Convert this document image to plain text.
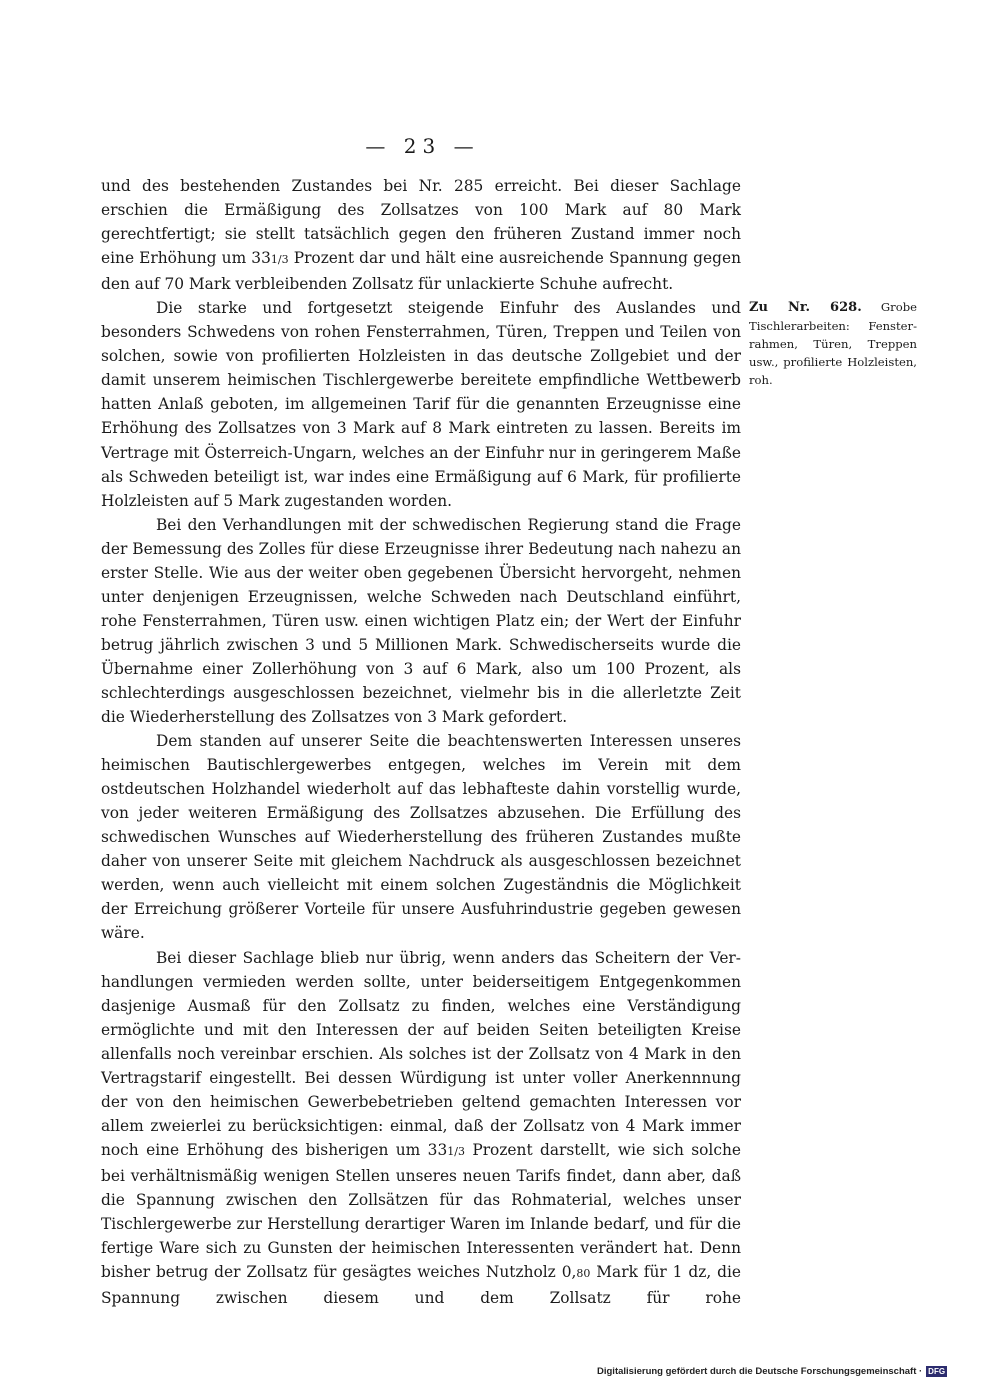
— 23 —

und des bestehenden Zustandes bei Nr. 285 erreicht. Bei dieser Sachlage erschien die Ermäßigung des Zollsatzes von 100 Mark auf 80 Mark gerechtfertigt; sie stellt tatsächlich gegen den früheren Zustand immer noch eine Erhöhung um 331/3 Prozent dar und hält eine ausreichende Spannung gegen den auf 70 Mark verbleibenden Zollsatz für unlackierte Schuhe aufrecht.

Die starke und fortgesetzt steigende Einfuhr des Auslandes und besonders Schwedens von rohen Fensterrahmen, Türen, Treppen und Teilen von solchen, sowie von profilierten Holzleisten in das deutsche Zollgebiet und der damit unserem heimischen Tischlergewerbe bereitete empfindliche Wettbewerb hatten Anlaß geboten, im allgemeinen Tarif für die genannten Erzeugnisse eine Erhöhung des Zollsatzes von 3 Mark auf 8 Mark eintreten zu lassen. Bereits im Vertrage mit Österreich-Ungarn, welches an der Einfuhr nur in geringerem Maße als Schweden beteiligt ist, war indes eine Ermäßigung auf 6 Mark, für profilierte Holzleisten auf 5 Mark zugestanden worden.

Bei den Verhandlungen mit der schwedischen Regierung stand die Frage der Bemessung des Zolles für diese Erzeugnisse ihrer Bedeutung nach nahezu an erster Stelle. Wie aus der weiter oben gegebenen Übersicht hervorgeht, nehmen unter denjenigen Erzeugnissen, welche Schweden nach Deutschland einführt, rohe Fensterrahmen, Türen usw. einen wichtigen Platz ein; der Wert der Einfuhr betrug jährlich zwischen 3 und 5 Millionen Mark. Schwedischerseits wurde die Übernahme einer Zollerhöhung von 3 auf 6 Mark, also um 100 Prozent, als schlechterdings ausgeschlossen bezeichnet, vielmehr bis in die allerletzte Zeit die Wiederherstellung des Zollsatzes von 3 Mark gefordert.

Dem standen auf unserer Seite die beachtenswerten Interessen unseres heimischen Bautischlergewerbes entgegen, welches im Verein mit dem ostdeutschen Holzhandel wiederholt auf das lebhafteste dahin vorstellig wurde, von jeder weiteren Ermäßigung des Zollsatzes abzusehen. Die Erfüllung des schwedischen Wunsches auf Wiederherstellung des früheren Zustandes mußte daher von unserer Seite mit gleichem Nachdruck als ausgeschlossen bezeichnet werden, wenn auch vielleicht mit einem solchen Zugeständnis die Möglichkeit der Erreichung größerer Vorteile für unsere Ausfuhrindustrie gegeben gewesen wäre.

Bei dieser Sachlage blieb nur übrig, wenn anders das Scheitern der Verhandlungen vermieden werden sollte, unter beiderseitigem Entgegenkommen dasjenige Ausmaß für den Zollsatz zu finden, welches eine Verständigung ermöglichte und mit den Interessen der auf beiden Seiten beteiligten Kreise allenfalls noch vereinbar erschien. Als solches ist der Zollsatz von 4 Mark in den Vertragstarif eingestellt. Bei dessen Würdigung ist unter voller Anerkennnung der von den heimischen Gewerbebetrieben geltend gemachten Interessen vor allem zweierlei zu berücksichtigen: einmal, daß der Zollsatz von 4 Mark immer noch eine Erhöhung des bisherigen um 331/3 Prozent darstellt, wie sich solche bei verhältnismäßig wenigen Stellen unseres neuen Tarifs findet, dann aber, daß die Spannung zwischen den Zollsätzen für das Rohmaterial, welches unser Tischlergewerbe zur Herstellung derartiger Waren im Inlande bedarf, und für die fertige Ware sich zu Gunsten der heimischen Interessenten verändert hat. Denn bisher betrug der Zollsatz für gesägtes weiches Nutzholz 0,80 Mark für 1 dz, die Spannung zwischen diesem und dem Zollsatz für rohe

Zu Nr. 628. Grobe Tischlerarbeiten: Fensterrahmen, Türen, Treppen usw., profilierte Holzleisten, roh.
Digitalisierung gefördert durch die Deutsche Forschungsgemeinschaft · DFG
